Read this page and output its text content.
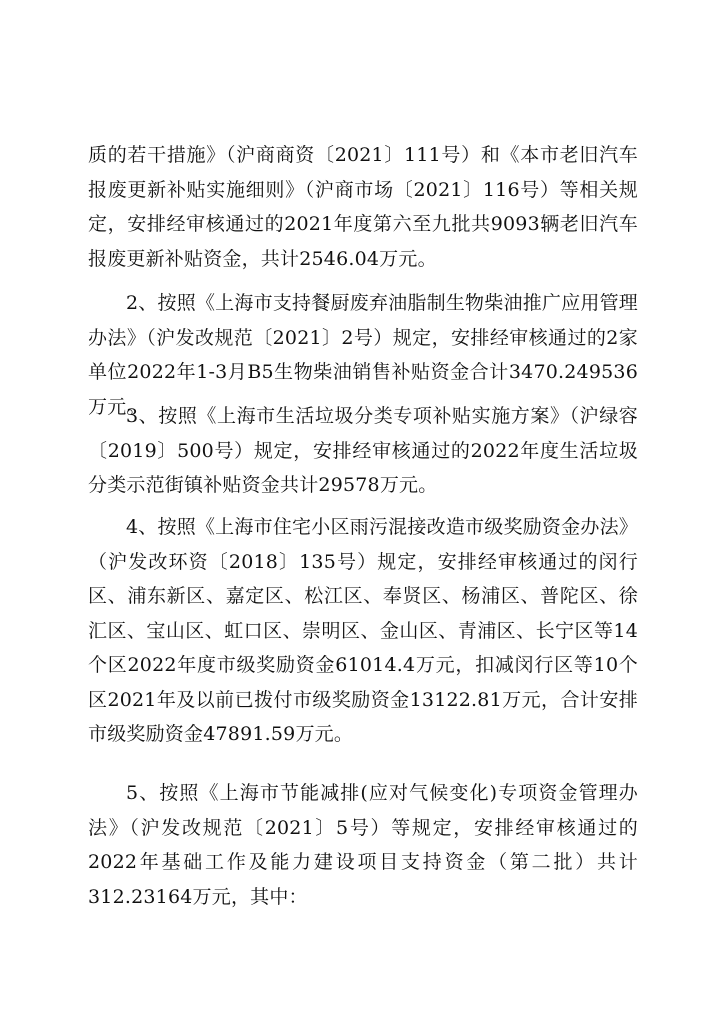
质的若干措施》（沪商商资〔2021〕111号）和《本市老旧汽车报废更新补贴实施细则》（沪商市场〔2021〕116号）等相关规定，安排经审核通过的2021年度第六至九批共9093辆老旧汽车报废更新补贴资金，共计2546.04万元。

2、按照《上海市支持餐厨废弃油脂制生物柴油推广应用管理办法》（沪发改规范〔2021〕2号）规定，安排经审核通过的2家单位2022年1-3月B5生物柴油销售补贴资金合计3470.249536万元。

3、按照《上海市生活垃圾分类专项补贴实施方案》（沪绿容〔2019〕500号）规定，安排经审核通过的2022年度生活垃圾分类示范街镇补贴资金共计29578万元。

4、按照《上海市住宅小区雨污混接改造市级奖励资金办法》（沪发改环资〔2018〕135号）规定，安排经审核通过的闵行区、浦东新区、嘉定区、松江区、奉贤区、杨浦区、普陀区、徐汇区、宝山区、虹口区、崇明区、金山区、青浦区、长宁区等14个区2022年度市级奖励资金61014.4万元，扣减闵行区等10个区2021年及以前已拨付市级奖励资金13122.81万元，合计安排市级奖励资金47891.59万元。

5、按照《上海市节能减排(应对气候变化)专项资金管理办法》（沪发改规范〔2021〕5号）等规定，安排经审核通过的2022年基础工作及能力建设项目支持资金（第二批）共计312.23164万元，其中：
